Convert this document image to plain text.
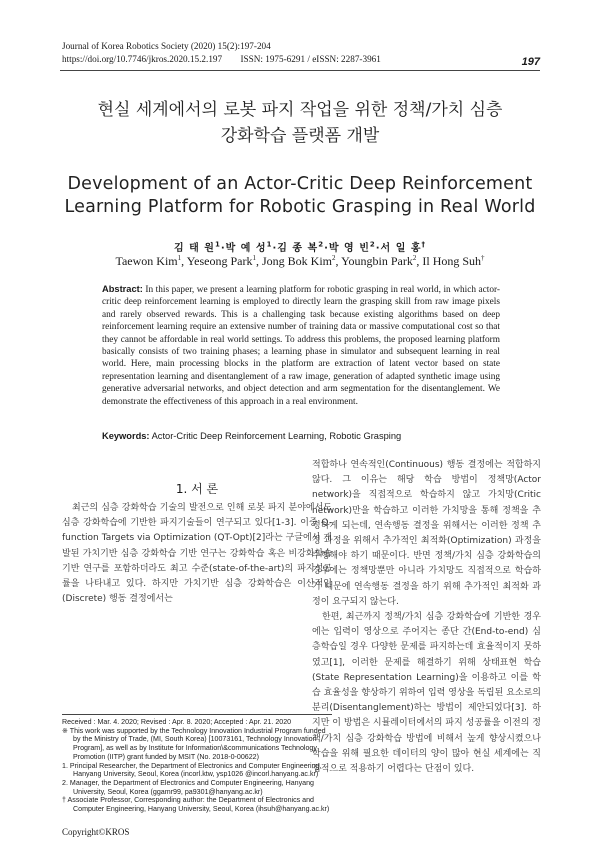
Journal of Korea Robotics Society (2020) 15(2):197-204
https://doi.org/10.7746/jkros.2020.15.2.197 ISSN: 1975-6291 / eISSN: 2287-3961	197
현실 세계에서의 로봇 파지 작업을 위한 정책/가치 심층
강화학습 플랫폼 개발
Development of an Actor-Critic Deep Reinforcement
Learning Platform for Robotic Grasping in Real World
김 태 원$^1$·박 예 성$^1$·김 종 복$^2$·박 영 빈$^2$·서 일 홍†
Taewon Kim$^1$, Yeseong Park$^1$, Jong Bok Kim$^2$, Youngbin Park$^2$, Il Hong Suh†
Abstract: In this paper, we present a learning platform for robotic grasping in real world, in which actor-critic deep reinforcement learning is employed to directly learn the grasping skill from raw image pixels and rarely observed rewards. This is a challenging task because existing algorithms based on deep reinforcement learning require an extensive number of training data or massive computational cost so that they cannot be affordable in real world settings. To address this problems, the proposed learning platform basically consists of two training phases; a learning phase in simulator and subsequent learning in real world. Here, main processing blocks in the platform are extraction of latent vector based on state representation learning and disentanglement of a raw image, generation of adapted synthetic image using generative adversarial networks, and object detection and arm segmentation for the disentanglement. We demonstrate the effectiveness of this approach in a real environment.
Keywords: Actor-Critic Deep Reinforcement Learning, Robotic Grasping
1. 서 론

최근의 심층 강화학습 기술의 발전으로 인해 로봇 파지 분야에서도 심층 강화학습에 기반한 파지기술들이 연구되고 있다[1-3]. 이중 Q-function Targets via Optimization (QT-Opt)[2]라는 구글에서 개발된 가치기반 심층 강화학습 기반 연구는 강화학습 혹은 비강화학습 기반 연구를 포함하더라도 최고 수준(state-of-the-art)의 파지성공률을 나타내고 있다. 하지만 가치기반 심층 강화학습은 이산적인(Discrete) 행동 결정에서는

적합하나 연속적인(Continuous) 행동 결정에는 적합하지 않다. 그 이유는 해당 학습 방법이 정책망(Actor network)을 직접적으로 학습하지 않고 가치망(Critic network)만을 학습하고 이러한 가치망을 통해 정책을 추정하게 되는데, 연속행동 결정을 위해서는 이러한 정책 추정 과정을 위해서 추가적인 최적화(Optimization) 과정을 수행해야 하기 때문이다. 반면 정책/가치 심층 강화학습의 경우에는 정책망뿐만 아니라 가치망도 직접적으로 학습하기 때문에 연속행동 결정을 하기 위해 추가적인 최적화 과정이 요구되지 않는다.

한편, 최근까지 정책/가치 심층 강화학습에 기반한 경우에는 입력이 영상으로 주어지는 종단 간(End-to-end) 심층학습일 경우 다양한 문제를 파지하는데 효율적이지 못하였고[1], 이러한 문제를 해결하기 위해 상태표현 학습(State Representation Learning)을 이용하고 이를 학습 효율성을 향상하기 위하여 입력 영상을 독립된 요소로의 분리(Disentanglement)하는 방법이 제안되었다[3]. 하지만 이 방법은 시뮬레이터에서의 파지 성공률을 이전의 정책/가치 심층 강화학습 방법에 비해서 높게 향상시켰으나 학습을 위해 필요한 데이터의 양이 많아 현실 세계에는 직접적으로 적용하기 어렵다는 단점이 있다.

Received : Mar. 4. 2020; Revised : Apr. 8. 2020; Accepted : Apr. 21. 2020
※ This work was supported by the Technology Innovation Industrial Program funded by the Ministry of Trade, (MI, South Korea) [10073161, Technology Innovation Program], as well as by Institute for Information\&communications Technology Promotion (IITP) grant funded by MSIT (No. 2018-0-00622)
1. Principal Researcher, the Department of Electronics and Computer Engineering, Hanyang University, Seoul, Korea (incorl.ktw, ysp1026 @incorl.hanyang.ac.kr)
2. Manager, the Department of Electronics and Computer Engineering, Hanyang University, Seoul, Korea (ggamr99, pa9301@hanyang.ac.kr)
† Associate Professor, Corresponding author: the Department of Electronics and Computer Engineering, Hanyang University, Seoul, Korea (ihsuh@hanyang.ac.kr)
Copyright©KROS
